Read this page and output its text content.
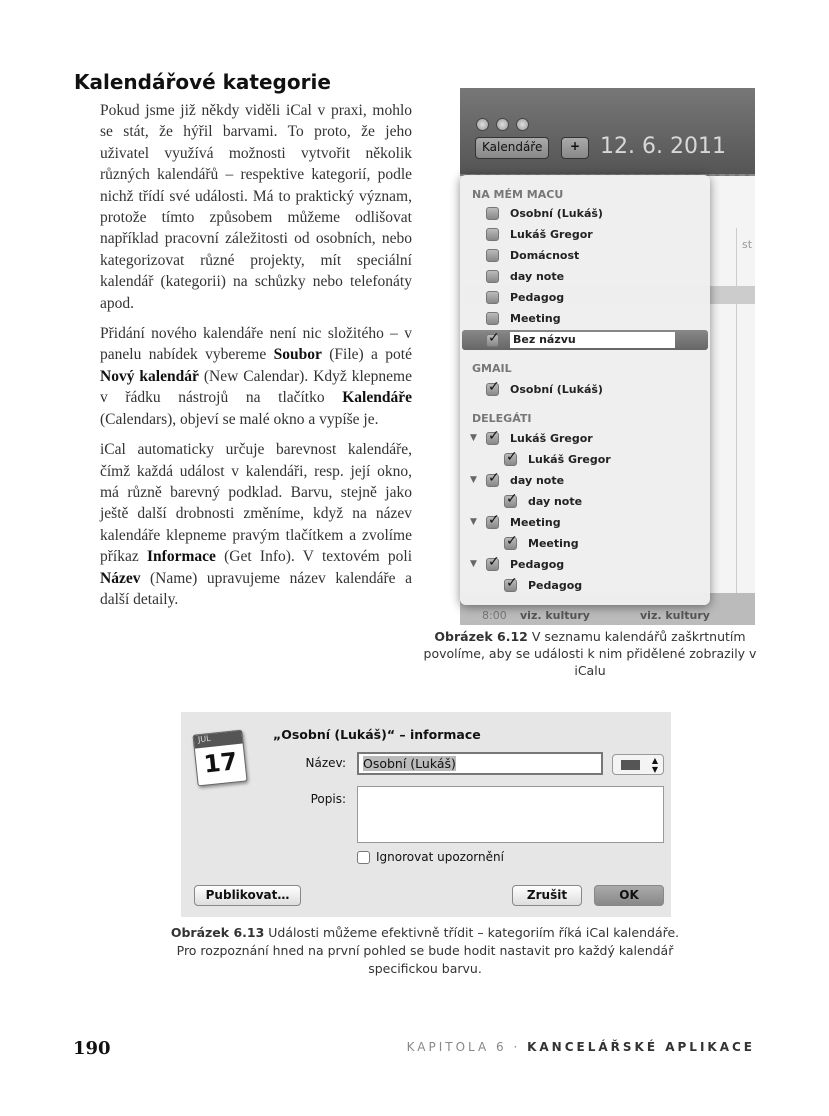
Kalendářové kategorie

Pokud jsme již někdy viděli iCal v praxi, mohlo se stát, že hýřil barvami. To proto, že jeho uživatel využívá možnosti vytvořit několik různých kalendářů – respektive kategorií, podle nichž třídí své události. Má to praktický význam, protože tímto způsobem můžeme odlišovat například pracovní záležitosti od osobních, nebo kategorizovat různé projekty, mít speciální kalendář (kategorii) na schůzky nebo telefonáty apod.

Přidání nového kalendáře není nic složitého – v panelu nabídek vybereme Soubor (File) a poté Nový kalendář (New Calendar). Když klepneme v řádku nástrojů na tlačítko Kalendáře (Calendars), objeví se malé okno a vypíše je.

iCal automaticky určuje barevnost kalendáře, čímž každá událost v kalendáři, resp. její okno, má různě barevný podklad. Barvu, stejně jako ještě další drobnosti změníme, když na název kalendáře klepneme pravým tlačítkem a zvolíme příkaz Informace (Get Info). V textovém poli Název (Name) upravujeme název kalendáře a další detaily.

12. 6. 2011
st
8:00 viz. kultury	viz. kultury
Kalendáře	+
NA MÉM MACU
Osobní (Lukáš)
Lukáš Gregor
Domácnost
day note
Pedagog
Meeting
✓
Bez názvu
GMAIL
✓
Osobní (Lukáš)
DELEGÁTI
▼ ✓	Lukáš Gregor
✓
Lukáš Gregor
▼ ✓	day note
✓
day note
▼ ✓	Meeting
✓
Meeting
▼ ✓	Pedagog
✓
Pedagog
Obrázek 6.12 V seznamu kalendářů zaškrtnutím povolíme, aby se události k nim přidělené zobrazily v iCalu
JUL
17
„Osobní (Lukáš)“ – informace
Název:	Osobní (Lukáš)	▲
▼
Popis:
Ignorovat upozornění
Publikovat…	Zrušit	OK
Obrázek 6.13 Události můžeme efektivně třídit – kategoriím říká iCal kalendáře. Pro rozpoznání hned na první pohled se bude hodit nastavit pro každý kalendář specifickou barvu.
190	KAPITOLA 6 · KANCELÁŘSKÉ APLIKACE
